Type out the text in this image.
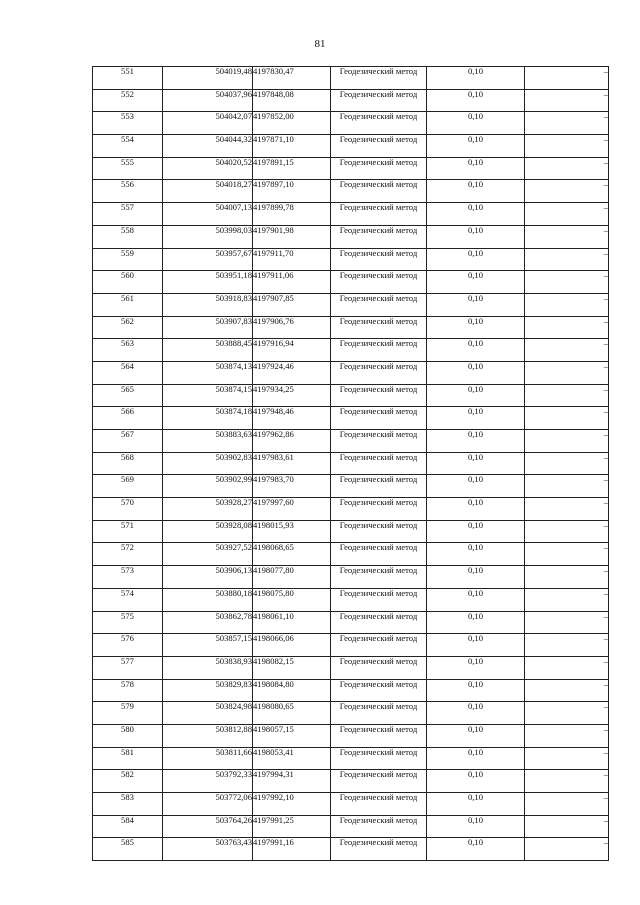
81
551	504019,48	4197830,47	Геодезический метод	0,10	–
552	504037,96	4197848,08	Геодезический метод	0,10	–
553	504042,07	4197852,00	Геодезический метод	0,10	–
554	504044,32	4197871,10	Геодезический метод	0,10	–
555	504020,52	4197891,15	Геодезический метод	0,10	–
556	504018,27	4197897,10	Геодезический метод	0,10	–
557	504007,13	4197899,78	Геодезический метод	0,10	–
558	503998,03	4197901,98	Геодезический метод	0,10	–
559	503957,67	4197911,70	Геодезический метод	0,10	–
560	503951,18	4197911,06	Геодезический метод	0,10	–
561	503918,83	4197907,85	Геодезический метод	0,10	–
562	503907,83	4197906,76	Геодезический метод	0,10	–
563	503888,45	4197916,94	Геодезический метод	0,10	–
564	503874,13	4197924,46	Геодезический метод	0,10	–
565	503874,15	4197934,25	Геодезический метод	0,10	–
566	503874,18	4197948,46	Геодезический метод	0,10	–
567	503883,63	4197962,86	Геодезический метод	0,10	–
568	503902,83	4197983,61	Геодезический метод	0,10	–
569	503902,99	4197983,70	Геодезический метод	0,10	–
570	503928,27	4197997,60	Геодезический метод	0,10	–
571	503928,08	4198015,93	Геодезический метод	0,10	–
572	503927,52	4198068,65	Геодезический метод	0,10	–
573	503906,13	4198077,80	Геодезический метод	0,10	–
574	503880,18	4198075,80	Геодезический метод	0,10	–
575	503862,78	4198061,10	Геодезический метод	0,10	–
576	503857,15	4198066,06	Геодезический метод	0,10	–
577	503838,93	4198082,15	Геодезический метод	0,10	–
578	503829,83	4198084,80	Геодезический метод	0,10	–
579	503824,98	4198080,65	Геодезический метод	0,10	–
580	503812,88	4198057,15	Геодезический метод	0,10	–
581	503811,66	4198053,41	Геодезический метод	0,10	–
582	503792,33	4197994,31	Геодезический метод	0,10	–
583	503772,06	4197992,10	Геодезический метод	0,10	–
584	503764,26	4197991,25	Геодезический метод	0,10	–
585	503763,43	4197991,16	Геодезический метод	0,10	–
